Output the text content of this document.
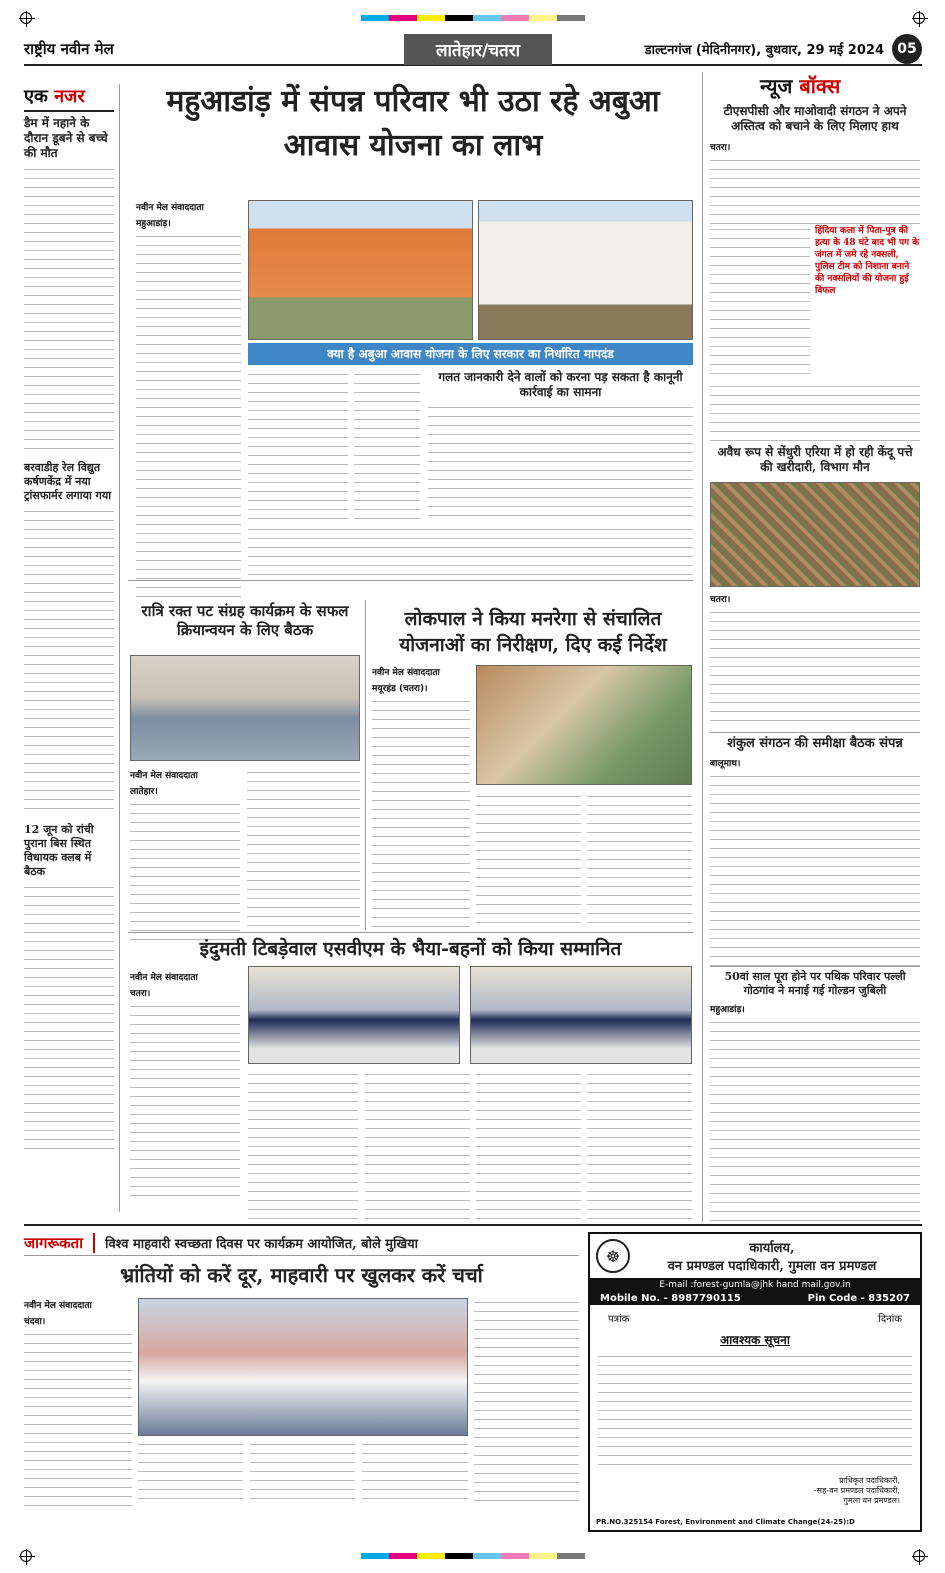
राष्ट्रीय नवीन मेल	लातेहार/चतरा	डाल्टनगंज (मेदिनीनगर), बुधवार, 29 मई 2024 05
एक नजर
डैम में नहाने के दौरान डूबने से बच्चे की मौत
बरवाडीह रेल विद्युत कर्षणकेंद्र में नया ट्रांसफार्मर लगाया गया
12 जून को रांची पुराना बिस स्थित विधायक क्लब में बैठक
महुआडांड़ में संपन्न परिवार भी उठा रहे अबुआ आवास योजना का लाभ
नवीन मेल संवाददाता
महुआडांड़।
क्या है अबुआ आवास योजना के लिए सरकार का निर्धारित मापदंड
गलत जानकारी देने वालों को करना पड़ सकता है कानूनी कार्रवाई का सामना
रात्रि रक्त पट संग्रह कार्यक्रम के सफल क्रियान्वयन के लिए बैठक
नवीन मेल संवाददाता
लातेहार।
लोकपाल ने किया मनरेगा से संचालित योजनाओं का निरीक्षण, दिए कई निर्देश
नवीन मेल संवाददाता
मयूरहंड (चतरा)।
इंदुमती टिबड़ेवाल एसवीएम के भैया-बहनों को किया सम्मानित
नवीन मेल संवाददाता
चतरा।
न्यूज बॉक्स
टीएसपीसी और माओवादी संगठन ने अपने अस्तित्व को बचाने के लिए मिलाए हाथ
चतरा।
हिंदिया कला में पिता-पुत्र की हत्या के 48 घंटे बाद भी पग के जंगल में जमे रहे नक्सली, पुलिस टीम को निशाना बनाने की नक्सलियों की योजना हुई विफल
अवैध रूप से सेंधुरी एरिया में हो रही केंदू पत्ते की खरीदारी, विभाग मौन
चतरा।
शंकुल संगठन की समीक्षा बैठक संपन्न
बालूमाथ।
50वां साल पूरा होने पर पथिक परिवार पल्ली गोठगांव ने मनाई गई गोल्डन जुबिली
महुआडांड़।
जागरूकता	विश्व माहवारी स्वच्छता दिवस पर कार्यक्रम आयोजित, बोले मुखिया
भ्रांतियों को करें दूर, माहवारी पर खुलकर करें चर्चा
नवीन मेल संवाददाता
चंदवा।
☸	कार्यालय,
वन प्रमण्डल पदाधिकारी, गुमला वन प्रमण्डल
E-mail :forest-gumla@jhk hand mail.gov.in
Mobile No. - 8987790115	Pin Code - 835207
पत्रांक	दिनांक
आवश्यक सूचना
प्राधिकृत पदाधिकारी,
-सह-वन प्रमण्डल पदाधिकारी,
गुमला वन प्रमण्डल।
PR.NO.325154 Forest, Environment and Climate Change(24-25):D
